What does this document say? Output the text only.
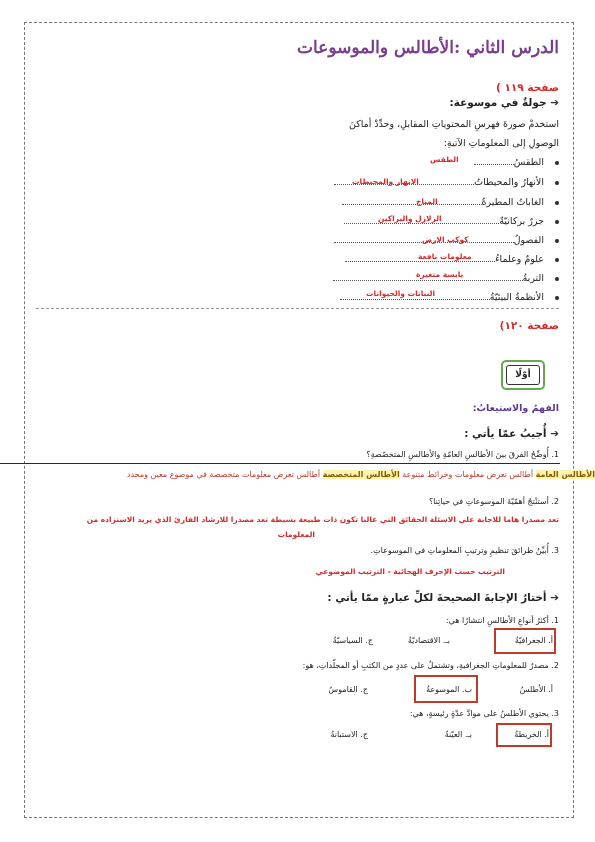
الدرس الثاني :الأطالس والموسوعات
صفحة ١١٩ )
➔ جولةٌ في موسوعة:
استخدمْ صورةَ فهرسِ المحتوياتِ المقابلِ، وحدِّدْ أماكنَ
الوصولِ إلى المعلوماتِ الآتيةِ:
الطقسُ
الطقس
الأنهارُ والمحيطاتُ
الانهار والمحيطات
الغاباتُ المطيرةُ
المناخ
جزرٌ بركانيّةٌ
الزلازل والبراكين
الفصولُ
كوكب الارض
علومٌ وعلماءُ
معلومات نافعة
التربةُ
يابسة متغيرة
الأنظمةُ البيئيّةُ
النباتات والحيوانات
صفحة ١٢٠)
أوّلًا
الفهمُ والاستيعابُ:
➔ أُجيبُ عمّا يأتي :
1. أُوضِّحُ الفرقَ بينَ الأطالسِ العامّةِ والأطالسِ المتخصّصةِ؟
الأطالس العامة أطالس تعرض معلومات وخرائط متنوعة الأطالس المتخصصة أطالس تعرض معلومات متخصصة في موضوع معين ومحدد
2. أستنْتجُ أهمّيّةَ الموسوعاتِ في حياتِنا؟
تعد مصدرا هاما للاجابة على الاسئلة الحقائق التي غالبا تكون ذات طبيعة بسيطة تعد مصدرا للارشاد القارئ الذي يريد الاستزاده من
المعلومات
3. أُبيِّنُ طرائقَ تنظيمِ وترتيبِ المعلوماتِ في الموسوعاتِ.
الترتيب حسب الإحرف الهجائية - الترتيب الموضوعي
➔ أختارُ الإجابةَ الصحيحةَ لكلِّ عبارةٍ ممّا يأتي :
1. أكثرُ أنواعِ الأطالسِ انتشارًا هي:
أ. الجغرافيّةُ
بـ. الاقتصاديّةُ
ج. السياسيّةُ
2. مصدرٌ للمعلوماتِ الجغرافيةِ، وتشتملُ على عددٍ من الكتبِ أو المجلّداتِ، هو:
أ. الأطلسُ
ب. الموسوعةُ
ج. القاموسُ
3. يحتوي الأطلسُ على موادَّ عدّةٍ رئيسةٍ، هي:
أ. الخريطةُ
بـ. العيّنةُ
ج. الاستبانةُ
